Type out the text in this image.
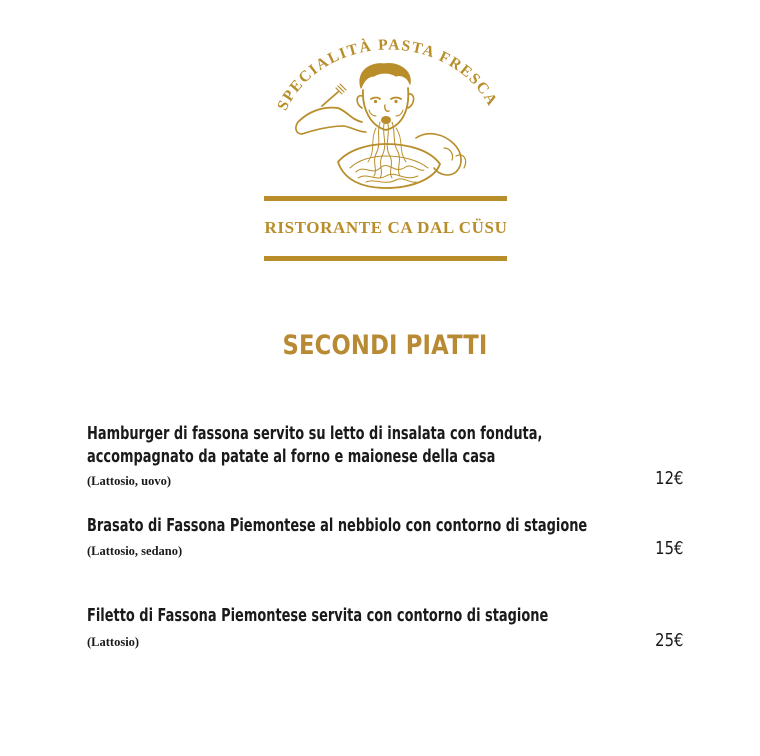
SPECIALITÀ PASTA FRESCA
RISTORANTE CA DAL CÜSU
SECONDI PIATTI
Hamburger di fassona servito su letto di insalata con fonduta,
accompagnato da patate al forno e maionese della casa
(Lattosio, uovo)	12€
Brasato di Fassona Piemontese al nebbiolo con contorno di stagione
(Lattosio, sedano)	15€
Filetto di Fassona Piemontese servita con contorno di stagione
(Lattosio)	25€
